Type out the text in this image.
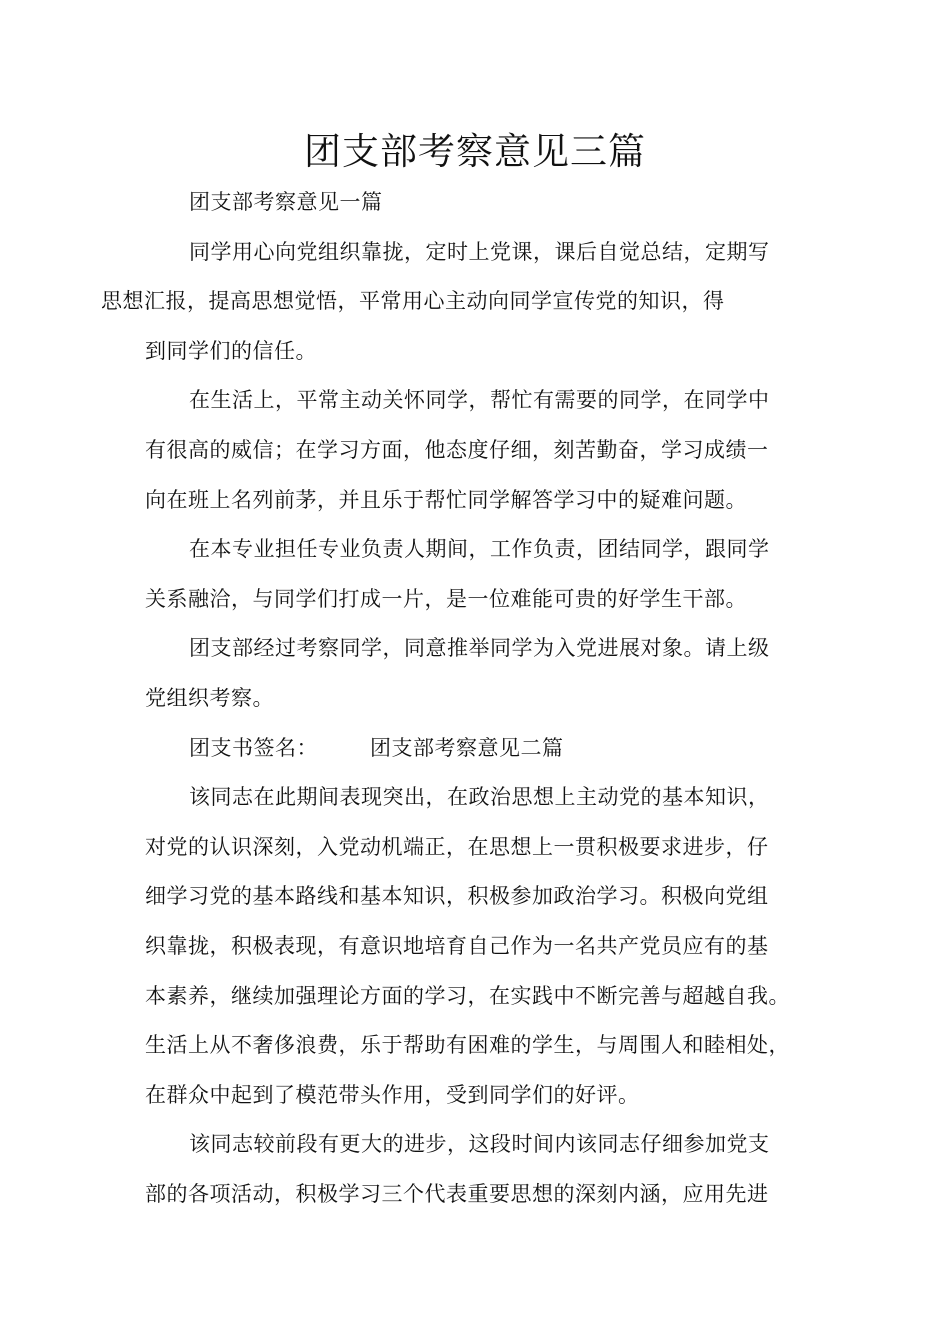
团支部考察意见三篇

团支部考察意见一篇

同学用心向党组织靠拢，定时上党课，课后自觉总结，定期写
思想汇报，提高思想觉悟，平常用心主动向同学宣传党的知识，得
到同学们的信任。

在生活上，平常主动关怀同学，帮忙有需要的同学，在同学中
有很高的威信；在学习方面，他态度仔细，刻苦勤奋，学习成绩一
向在班上名列前茅，并且乐于帮忙同学解答学习中的疑难问题。

在本专业担任专业负责人期间，工作负责，团结同学，跟同学
关系融洽，与同学们打成一片，是一位难能可贵的好学生干部。

团支部经过考察同学，同意推举同学为入党进展对象。请上级
党组织考察。

团支书签名： 团支部考察意见二篇

该同志在此期间表现突出，在政治思想上主动党的基本知识，
对党的认识深刻，入党动机端正，在思想上一贯积极要求进步，仔
细学习党的基本路线和基本知识，积极参加政治学习。积极向党组
织靠拢，积极表现，有意识地培育自己作为一名共产党员应有的基
本素养，继续加强理论方面的学习，在实践中不断完善与超越自我。
生活上从不奢侈浪费，乐于帮助有困难的学生，与周围人和睦相处，
在群众中起到了模范带头作用，受到同学们的好评。

该同志较前段有更大的进步，这段时间内该同志仔细参加党支
部的各项活动，积极学习三个代表重要思想的深刻内涵，应用先进
